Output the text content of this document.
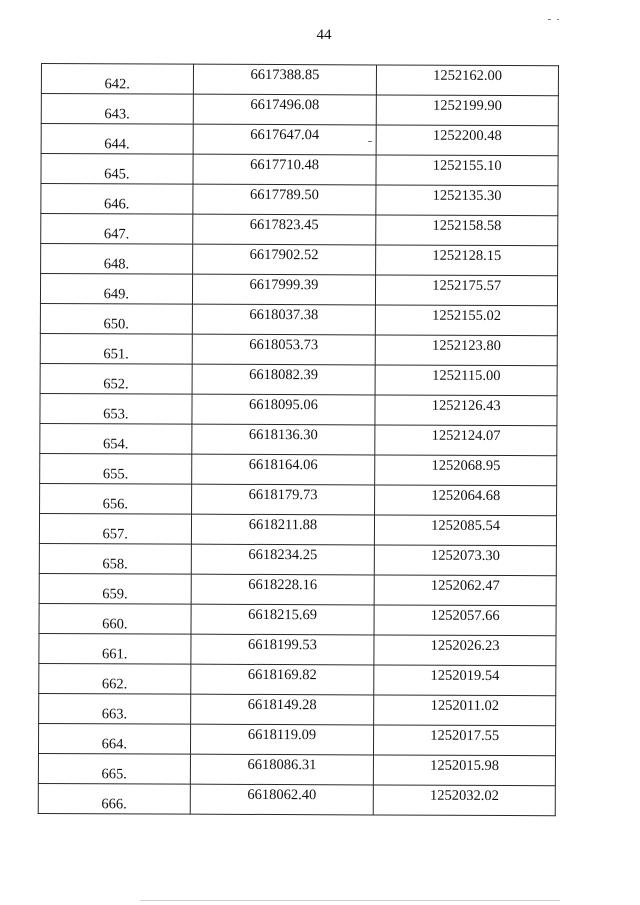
44
642.	6617388.85	1252162.00
643.	6617496.08	1252199.90
644.	6617647.04	1252200.48
645.	6617710.48	1252155.10
646.	6617789.50	1252135.30
647.	6617823.45	1252158.58
648.	6617902.52	1252128.15
649.	6617999.39	1252175.57
650.	6618037.38	1252155.02
651.	6618053.73	1252123.80
652.	6618082.39	1252115.00
653.	6618095.06	1252126.43
654.	6618136.30	1252124.07
655.	6618164.06	1252068.95
656.	6618179.73	1252064.68
657.	6618211.88	1252085.54
658.	6618234.25	1252073.30
659.	6618228.16	1252062.47
660.	6618215.69	1252057.66
661.	6618199.53	1252026.23
662.	6618169.82	1252019.54
663.	6618149.28	1252011.02
664.	6618119.09	1252017.55
665.	6618086.31	1252015.98
666.	6618062.40	1252032.02
